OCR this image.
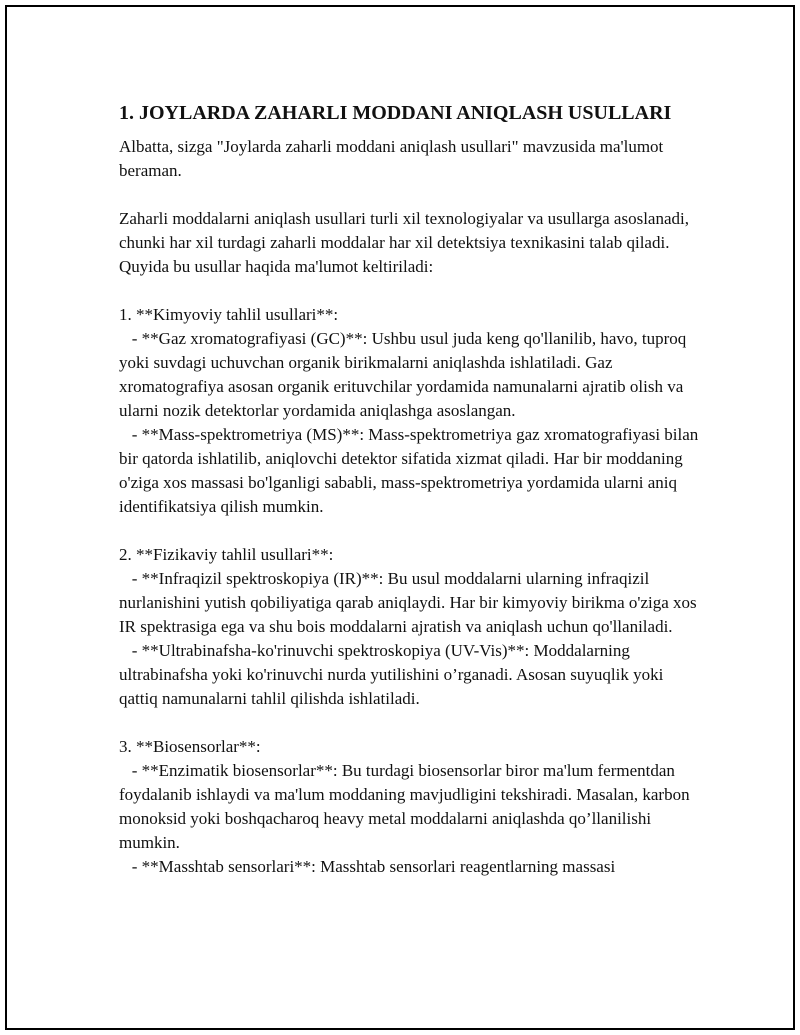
1. JOYLARDA ZAHARLI MODDANI ANIQLASH USULLARI

Albatta, sizga "Joylarda zaharli moddani aniqlash usullari" mavzusida ma'lumot beraman.

Zaharli moddalarni aniqlash usullari turli xil texnologiyalar va usullarga asoslanadi, chunki har xil turdagi zaharli moddalar har xil detektsiya texnikasini talab qiladi. Quyida bu usullar haqida ma'lumot keltiriladi:

1. **Kimyoviy tahlil usullari**:

- **Gaz xromatografiyasi (GC)**: Ushbu usul juda keng qo'llanilib, havo, tuproq yoki suvdagi uchuvchan organik birikmalarni aniqlashda ishlatiladi. Gaz xromatografiya asosan organik erituvchilar yordamida namunalarni ajratib olish va ularni nozik detektorlar yordamida aniqlashga asoslangan.

- **Mass-spektrometriya (MS)**: Mass-spektrometriya gaz xromatografiyasi bilan bir qatorda ishlatilib, aniqlovchi detektor sifatida xizmat qiladi. Har bir moddaning o'ziga xos massasi bo'lganligi sababli, mass-spektrometriya yordamida ularni aniq identifikatsiya qilish mumkin.

2. **Fizikaviy tahlil usullari**:

- **Infraqizil spektroskopiya (IR)**: Bu usul moddalarni ularning infraqizil nurlanishini yutish qobiliyatiga qarab aniqlaydi. Har bir kimyoviy birikma o'ziga xos IR spektrasiga ega va shu bois moddalarni ajratish va aniqlash uchun qo'llaniladi.

- **Ultrabinafsha-ko'rinuvchi spektroskopiya (UV-Vis)**: Moddalarning ultrabinafsha yoki ko'rinuvchi nurda yutilishini o’rganadi. Asosan suyuqlik yoki qattiq namunalarni tahlil qilishda ishlatiladi.

3. **Biosensorlar**:

- **Enzimatik biosensorlar**: Bu turdagi biosensorlar biror ma'lum fermentdan foydalanib ishlaydi va ma'lum moddaning mavjudligini tekshiradi. Masalan, karbon monoksid yoki boshqacharoq heavy metal moddalarni aniqlashda qo’llanilishi mumkin.

- **Masshtab sensorlari**: Masshtab sensorlari reagentlarning massasi
